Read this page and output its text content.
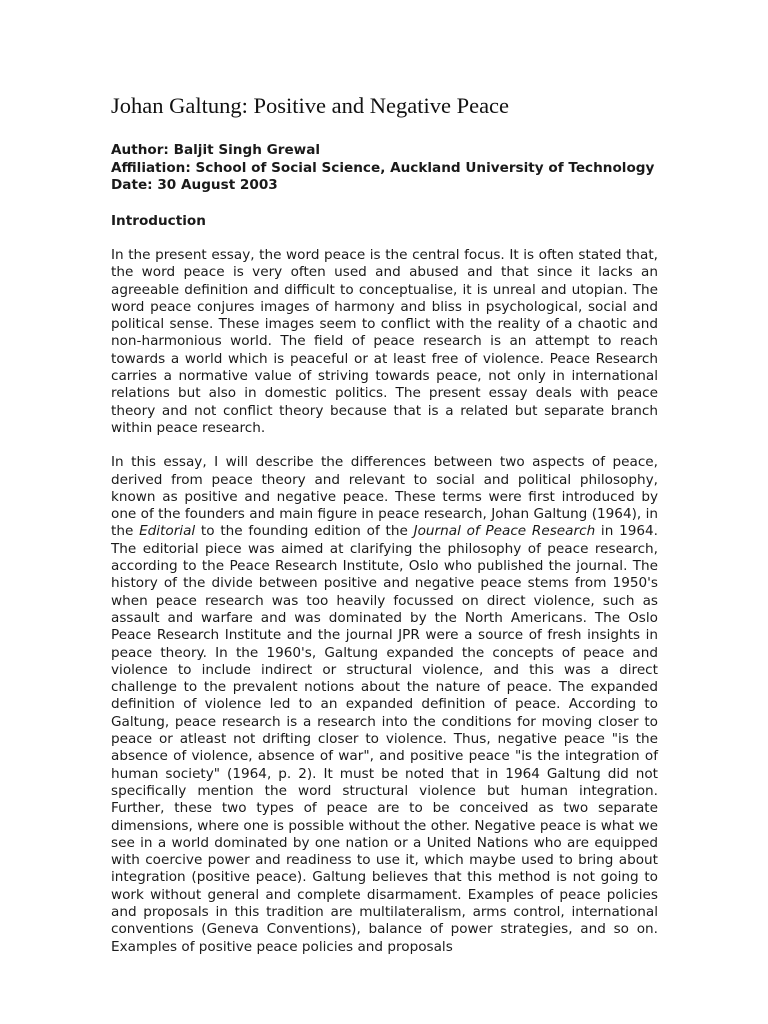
Johan Galtung: Positive and Negative Peace

Author: Baljit Singh Grewal

Affiliation: School of Social Science, Auckland University of Technology

Date: 30 August 2003

Introduction

In the present essay, the word peace is the central focus. It is often stated that, the word peace is very often used and abused and that since it lacks an agreeable definition and difficult to conceptualise, it is unreal and utopian. The word peace conjures images of harmony and bliss in psychological, social and political sense. These images seem to conflict with the reality of a chaotic and non-harmonious world. The field of peace research is an attempt to reach towards a world which is peaceful or at least free of violence. Peace Research carries a normative value of striving towards peace, not only in international relations but also in domestic politics. The present essay deals with peace theory and not conflict theory because that is a related but separate branch within peace research.

In this essay, I will describe the differences between two aspects of peace, derived from peace theory and relevant to social and political philosophy, known as positive and negative peace. These terms were first introduced by one of the founders and main figure in peace research, Johan Galtung (1964), in the Editorial to the founding edition of the Journal of Peace Research in 1964. The editorial piece was aimed at clarifying the philosophy of peace research, according to the Peace Research Institute, Oslo who published the journal. The history of the divide between positive and negative peace stems from 1950's when peace research was too heavily focussed on direct violence, such as assault and warfare and was dominated by the North Americans. The Oslo Peace Research Institute and the journal JPR were a source of fresh insights in peace theory. In the 1960's, Galtung expanded the concepts of peace and violence to include indirect or structural violence, and this was a direct challenge to the prevalent notions about the nature of peace. The expanded definition of violence led to an expanded definition of peace. According to Galtung, peace research is a research into the conditions for moving closer to peace or atleast not drifting closer to violence. Thus, negative peace "is the absence of violence, absence of war", and positive peace "is the integration of human society" (1964, p. 2). It must be noted that in 1964 Galtung did not specifically mention the word structural violence but human integration. Further, these two types of peace are to be conceived as two separate dimensions, where one is possible without the other. Negative peace is what we see in a world dominated by one nation or a United Nations who are equipped with coercive power and readiness to use it, which maybe used to bring about integration (positive peace). Galtung believes that this method is not going to work without general and complete disarmament. Examples of peace policies and proposals in this tradition are multilateralism, arms control, international conventions (Geneva Conventions), balance of power strategies, and so on. Examples of positive peace policies and proposals
